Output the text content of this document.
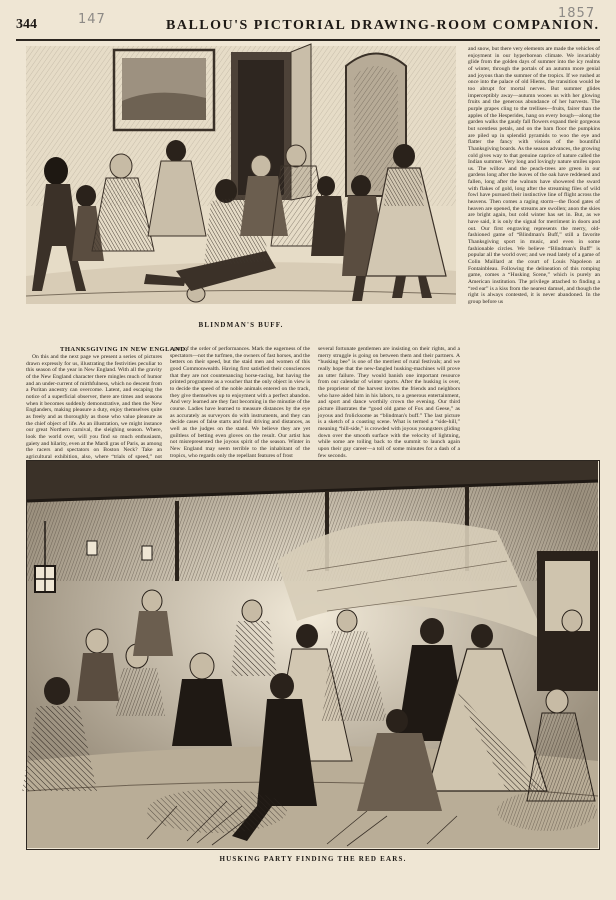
147	1857
344	BALLOU'S PICTORIAL DRAWING-ROOM COMPANION.
BLINDMAN'S BUFF.

and snow, but there very elements are made the vehicles of enjoyment in our hyperborean climate. We invariably glide from the golden days of summer into the icy realms of winter, through the portals of an autumn more genial and joyous than the summer of the tropics. If we rushed at once into the palace of old Hiems, the transition would be too abrupt for mortal nerves. But summer glides imperceptibly away—autumn wooes us with her glowing fruits and the generous abundance of her harvests. The purple grapes cling to the trellises—fruits, fairer than the apples of the Hesperides, hang on every bough—along the garden walks the gaudy fall flowers expand their gorgeous but scentless petals, and on the barn floor the pumpkins are piled up in splendid pyramids to woo the eye and flatter the fancy with visions of the bountiful Thanksgiving boards. As the season advances, the growing cold gives way to that genuine caprice of nature called the Indian summer. Very long and lovingly nature smiles upon us. The willow and the peach-trees are green in our gardens long after the leaves of the oak have reddened and fallen, long after the walnuts have showered the sward with flakes of gold, long after the streaming files of wild fowl have pursued their instinctive line of flight across the heavens. Then comes a raging storm—the flood gates of heaven are opened, the streams are swollen; anon the skies are bright again, but cold winter has set in. But, as we have said, it is only the signal for merriment in doors and out. Our first engraving represents the merry, old-fashioned game of “Blindman's Buff,” still a favorite Thanksgiving sport in music, and even in some fashionable circles. We believe “Blindman's Buff” is popular all the world over; and we read lately of a game of Colin Maillard at the court of Louis Napoleon at Fontainbleau. Following the delineation of this romping game, comes a “Husking Scene,” which is purely an American institution. The privilege attached to finding a “red ear” is a kiss from the nearest damsel, and though the right is always contested, it is never abandoned. In the group before us

THANKSGIVING IN NEW ENGLAND.

On this and the next page we present a series of pictures drawn expressly for us, illustrating the festivities peculiar to this season of the year in New England. With all the gravity of the New England character there mingles much of humor and an under-current of mirthfulness, which no descent from a Puritan ancestry can overcome. Latent, and escaping the notice of a superficial observer, there are times and seasons when it becomes suddenly demonstrative, and then the New Englanders, making pleasure a duty, enjoy themselves quite as freely and as thoroughly as those who value pleasure as the chief object of life. As an illustration, we might instance our great Northern carnival, the sleighing season. Where, look the world over, will you find so much enthusiasm, gaiety and hilarity, even at the Mardi gras of Paris, as among the racers and spectators on Boston Neck? Take an agricultural exhibition, also, where “trials of speed,” not

a part of the order of performances. Mark the eagerness of the spectators—not the turfmen, the owners of fast horses, and the betters on their speed, but the staid men and women of this good Commonwealth. Having first satisfied their consciences that they are not countenancing horse-racing, but having the printed programme as a voucher that the only object in view is to decide the speed of the noble animals entered on the track, they give themselves up to enjoyment with a perfect abandon. And very learned are they fast becoming in the minutiæ of the course. Ladies have learned to measure distances by the eye as accurately as surveyors do with instruments, and they can decide cases of false starts and foul driving and distances, as well as the judges on the stand. We believe they are yet guiltless of betting even gloves on the result. Our artist has not misrepresented the joyous spirit of the season. Winter in New England may seem terrible to the inhabitant of the tropics, who regards only the repellant features of frost

several fortunate gentlemen are insisting on their rights, and a merry struggle is going on between them and their partners. A “husking bee” is one of the merriest of rural festivals; and we really hope that the new-fangled husking-machines will prove an utter failure. They would banish one important resource from our calendar of winter sports. After the husking is over, the proprietor of the harvest invites the friends and neighbors who have aided him in his labors, to a generous entertainment, and sport and dance worthily crown the evening. Our third picture illustrates the “good old game of Fox and Geese,” as joyous and frolicksome as “blindman's buff.” The last picture is a sketch of a coasting scene. What is termed a “side-hill,” meaning “hill-side,” is crowded with joyous youngsters gliding down over the smooth surface with the velocity of lightning, while some are toiling back to the summit to launch again upon their gay career—a toll of some minutes for a dash of a few seconds.

HUSKING PARTY FINDING THE RED EARS.
